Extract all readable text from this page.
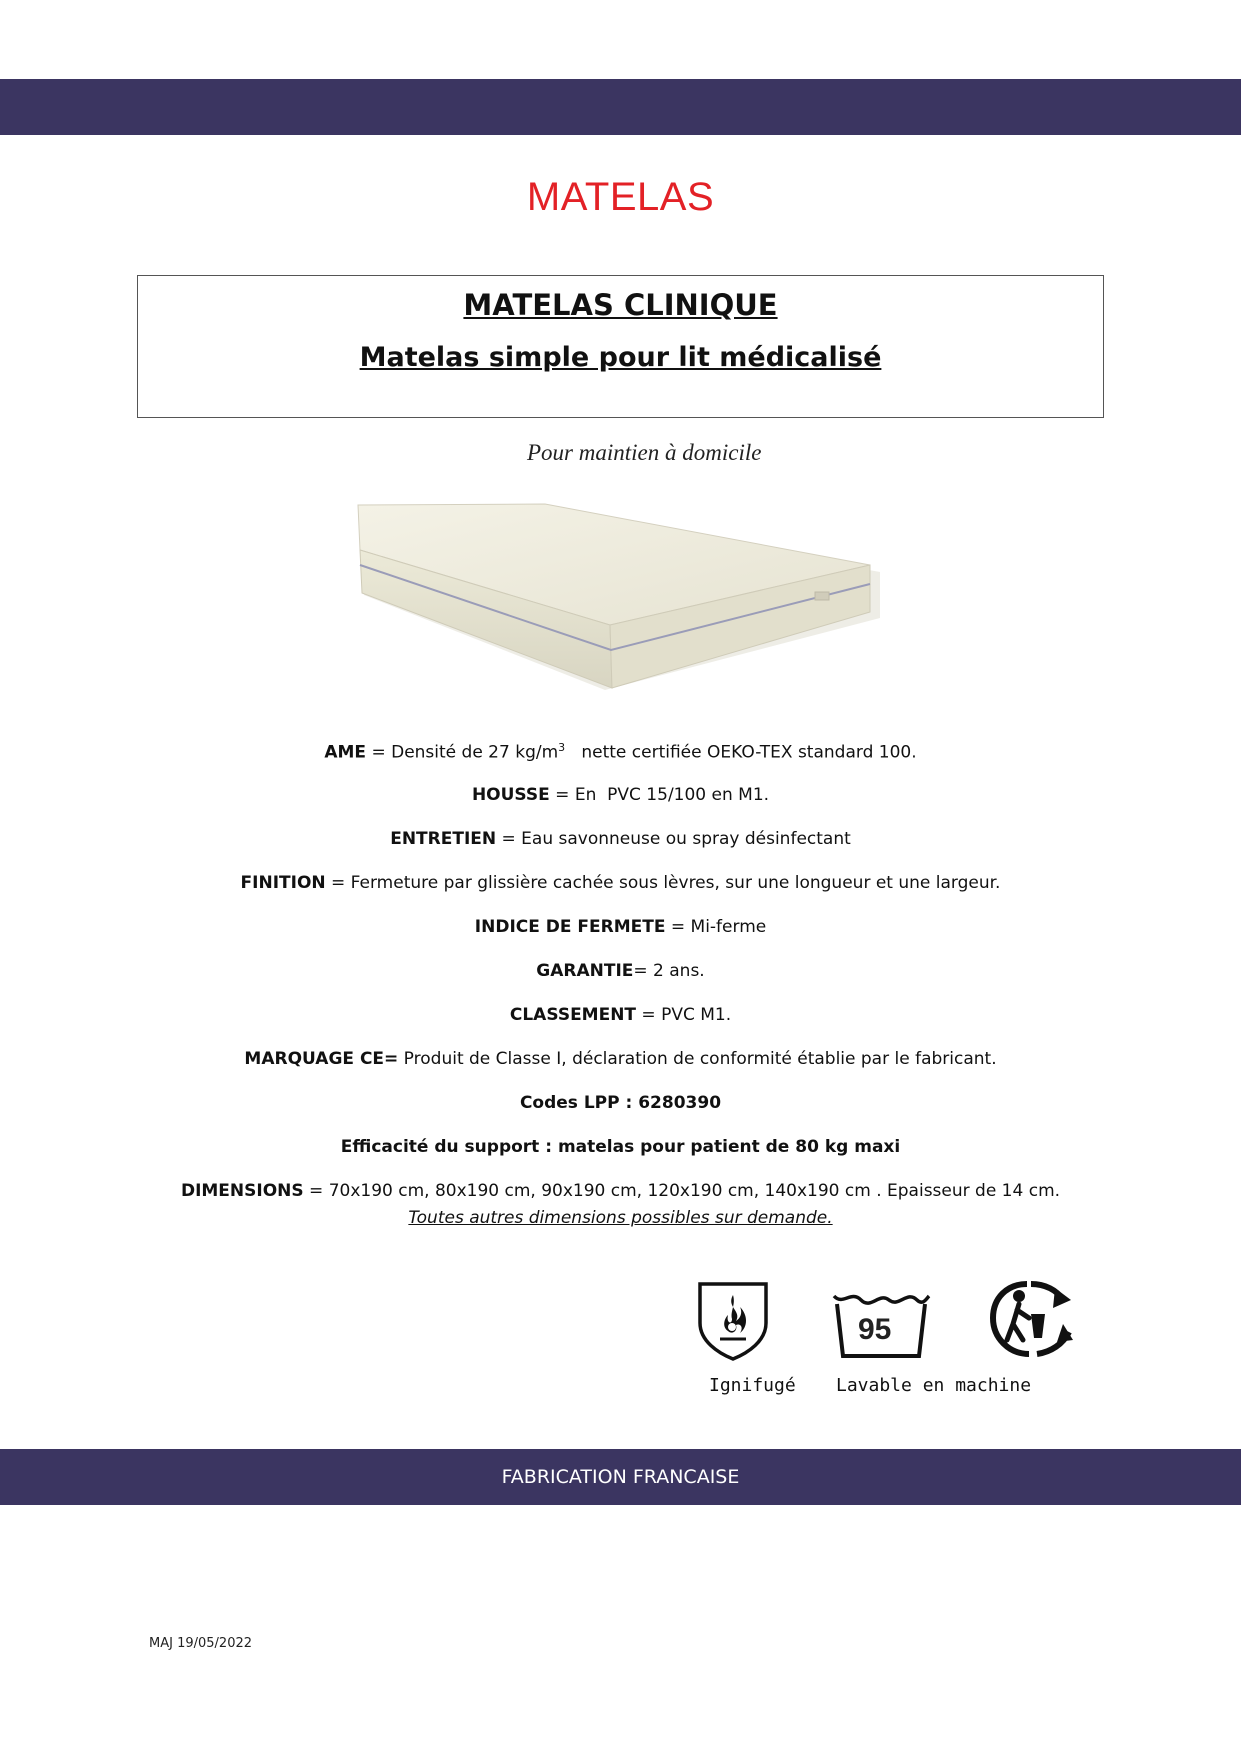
MATELAS
MATELAS CLINIQUE
Matelas simple pour lit médicalisé
Pour maintien à domicile
AME = Densité de 27 $kg/m^3$   nette certifiée OEKO-TEX standard 100.
HOUSSE = En  PVC 15/100 en M1.
ENTRETIEN = Eau savonneuse ou spray désinfectant
FINITION = Fermeture par glissière cachée sous lèvres, sur une longueur et une largeur.
INDICE DE FERMETE = Mi-ferme
GARANTIE= 2 ans.
CLASSEMENT = PVC M1.
MARQUAGE CE= Produit de Classe I, déclaration de conformité établie par le fabricant.
Codes LPP : 6280390
Efficacité du support : matelas pour patient de 80 kg maxi
DIMENSIONS = 70x190 cm, 80x190 cm, 90x190 cm, 120x190 cm, 140x190 cm . Epaisseur de 14 cm.
Toutes autres dimensions possibles sur demande.
Ignifugé
95
Lavable en machine
FABRICATION FRANCAISE
MAJ 19/05/2022
